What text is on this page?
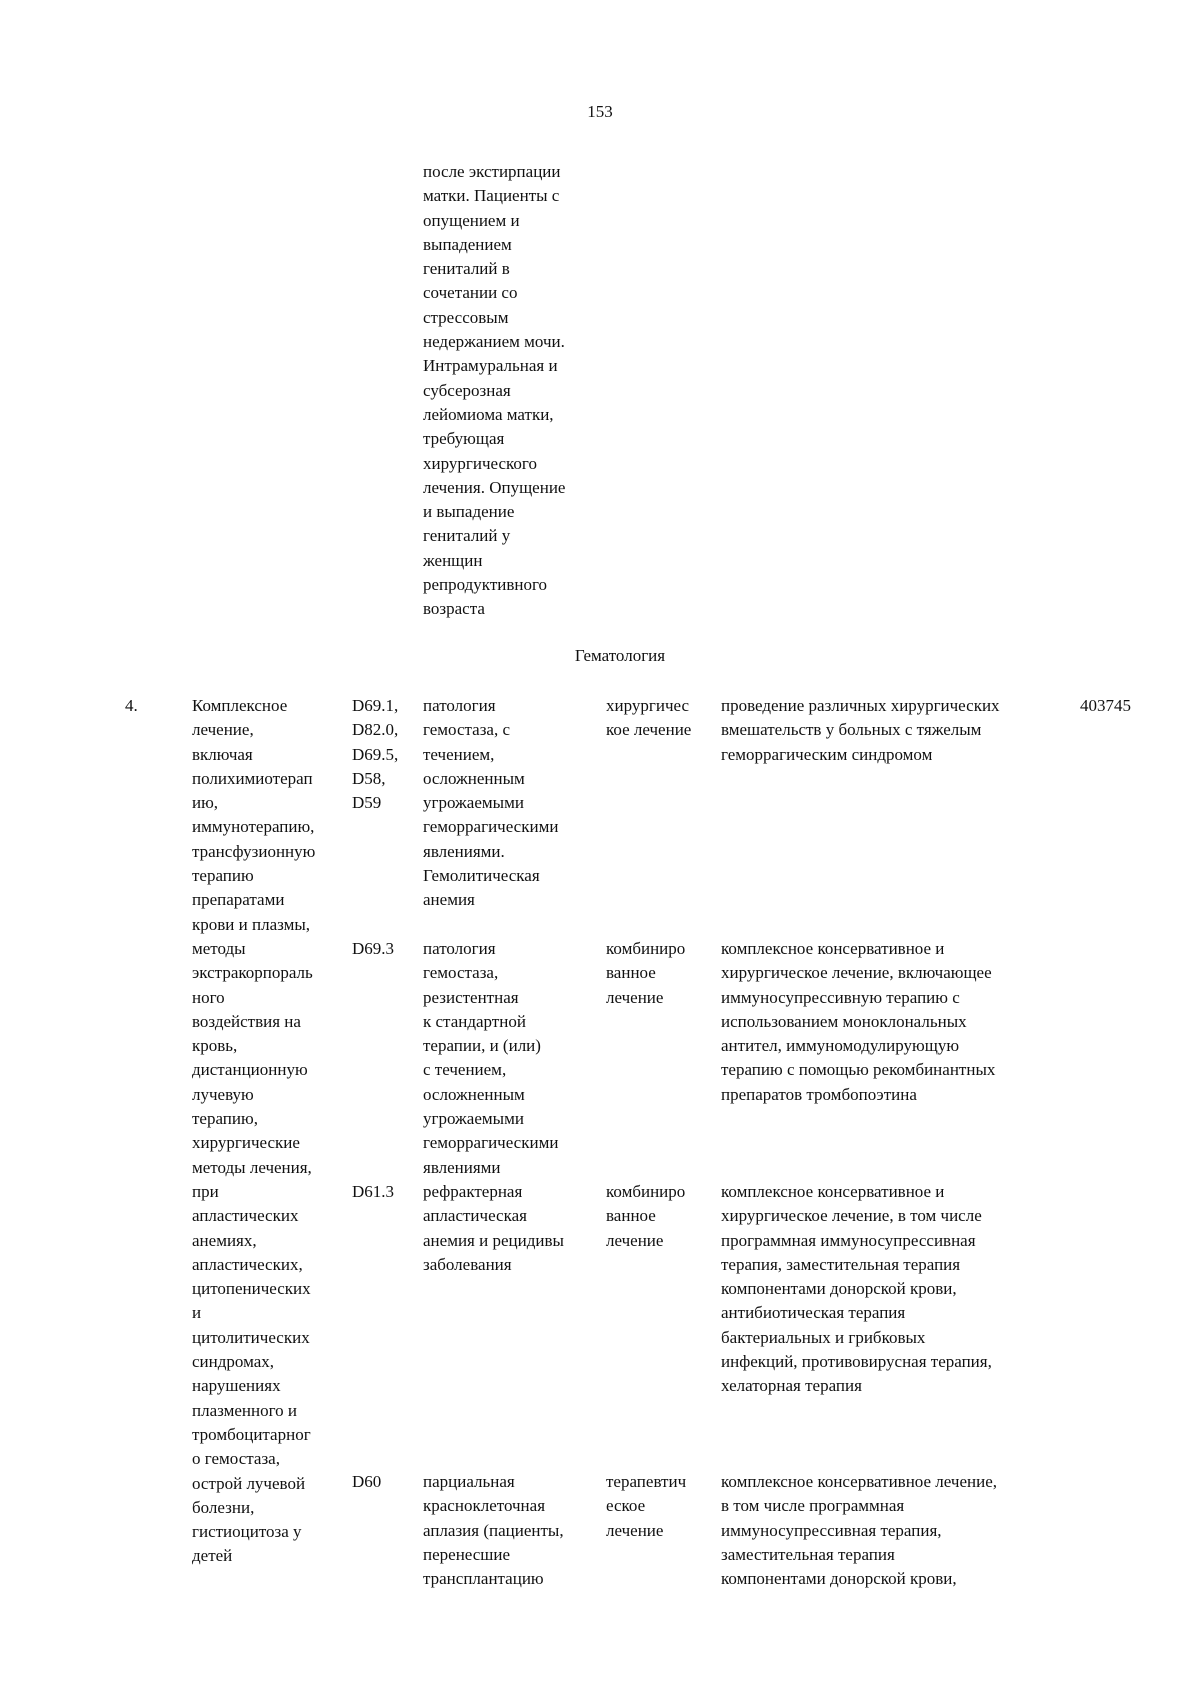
153

после экстирпации
матки. Пациенты с
опущением и
выпадением
гениталий в
сочетании со
стрессовым
недержанием мочи.
Интрамуральная и
субсерозная
лейомиома матки,
требующая
хирургического
лечения. Опущение
и выпадение
гениталий у
женщин
репродуктивного
возраста

Гематология

4.	Комплексное
лечение,
включая
полихимиотерап
ию,
иммунотерапию,
трансфузионную
терапию
препаратами
крови и плазмы,
методы
экстракорпораль
ного
воздействия на
кровь,
дистанционную
лучевую
терапию,
хирургические
методы лечения,
при
апластических
анемиях,
апластических,
цитопенических
и
цитолитических
синдромах,
нарушениях
плазменного и
тромбоцитарног
о гемостаза,
острой лучевой
болезни,
гистиоцитоза у
детей

403745

D69.1,
D82.0,
D69.5,
D58,
D59

патология
гемостаза, с
течением,
осложненным
угрожаемыми
геморрагическими
явлениями.
Гемолитическая
анемия

хирургичес
кое лечение

проведение различных хирургических
вмешательств у больных с тяжелым
геморрагическим синдромом

D69.3 патология
гемостаза,
резистентная
к стандартной
терапии, и (или)
с течением,
осложненным
угрожаемыми
геморрагическими
явлениями

комбиниро
ванное
лечение

комплексное консервативное и
хирургическое лечение, включающее
иммуносупрессивную терапию с
использованием моноклональных
антител, иммуномодулирующую
терапию с помощью рекомбинантных
препаратов тромбопоэтина

D61.3 рефрактерная
апластическая
анемия и рецидивы
заболевания

комбиниро
ванное
лечение

комплексное консервативное и
хирургическое лечение, в том числе
программная иммуносупрессивная
терапия, заместительная терапия
компонентами донорской крови,
антибиотическая терапия
бактериальных и грибковых
инфекций, противовирусная терапия,
хелаторная терапия

D60 парциальная
красноклеточная
аплазия (пациенты,
перенесшие
трансплантацию

терапевтич
еское
лечение

комплексное консервативное лечение,
в том числе программная
иммуносупрессивная терапия,
заместительная терапия
компонентами донорской крови,
